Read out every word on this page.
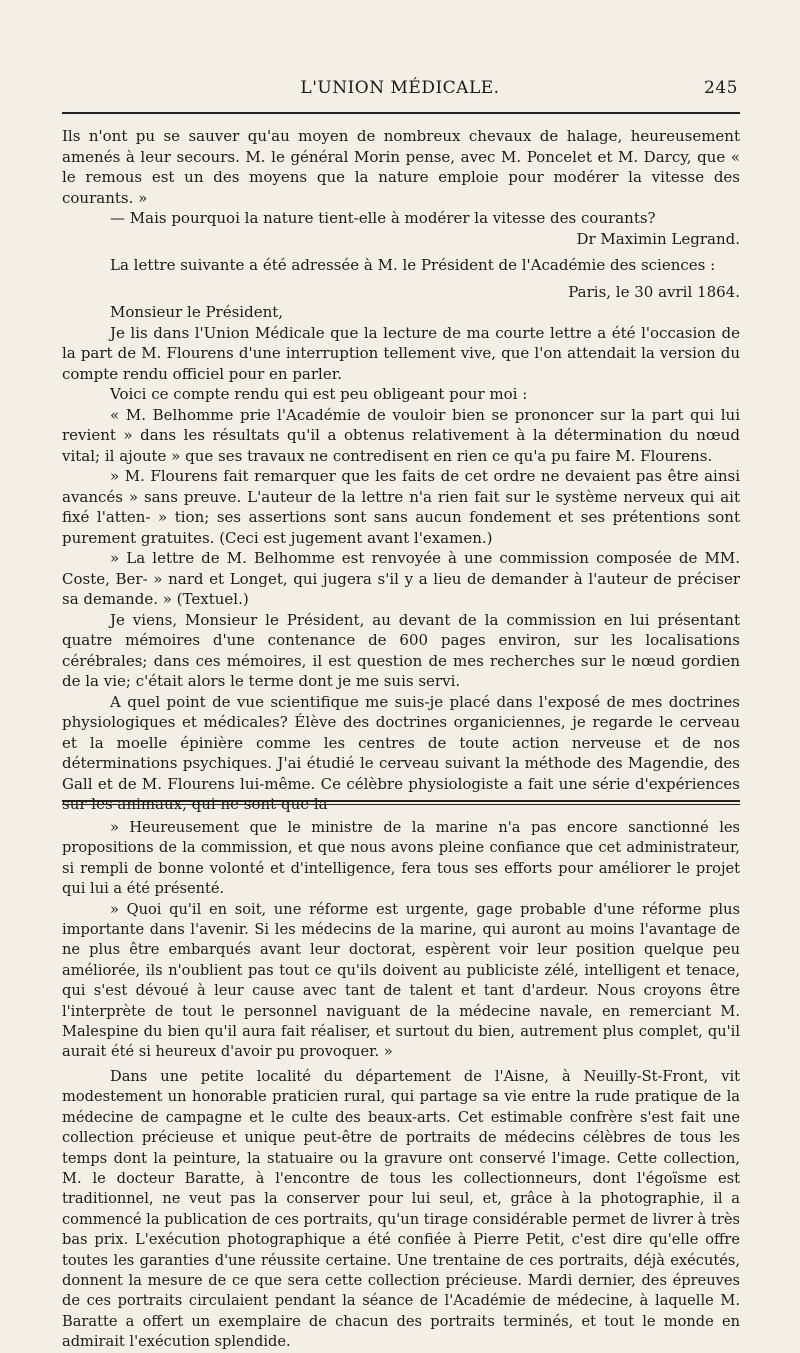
L'UNION MÉDICALE.	245

Ils n'ont pu se sauver qu'au moyen de nombreux chevaux de halage, heureusement amenés à leur secours. M. le général Morin pense, avec M. Poncelet et M. Darcy, que « le remous est un des moyens que la nature emploie pour modérer la vitesse des courants. »

— Mais pourquoi la nature tient-elle à modérer la vitesse des courants?

Dr Maximin Legrand.

La lettre suivante a été adressée à M. le Président de l'Académie des sciences :

Paris, le 30 avril 1864.

Monsieur le Président,

Je lis dans l'Union Médicale que la lecture de ma courte lettre a été l'occasion de la part de M. Flourens d'une interruption tellement vive, que l'on attendait la version du compte rendu officiel pour en parler.

Voici ce compte rendu qui est peu obligeant pour moi :

« M. Belhomme prie l'Académie de vouloir bien se prononcer sur la part qui lui revient » dans les résultats qu'il a obtenus relativement à la détermination du nœud vital; il ajoute » que ses travaux ne contredisent en rien ce qu'a pu faire M. Flourens.

» M. Flourens fait remarquer que les faits de cet ordre ne devaient pas être ainsi avancés » sans preuve. L'auteur de la lettre n'a rien fait sur le système nerveux qui ait fixé l'atten- » tion; ses assertions sont sans aucun fondement et ses prétentions sont purement gratuites. (Ceci est jugement avant l'examen.)

» La lettre de M. Belhomme est renvoyée à une commission composée de MM. Coste, Ber- » nard et Longet, qui jugera s'il y a lieu de demander à l'auteur de préciser sa demande. » (Textuel.)

Je viens, Monsieur le Président, au devant de la commission en lui présentant quatre mémoires d'une contenance de 600 pages environ, sur les localisations cérébrales; dans ces mémoires, il est question de mes recherches sur le nœud gordien de la vie; c'était alors le terme dont je me suis servi.

A quel point de vue scientifique me suis-je placé dans l'exposé de mes doctrines physiologiques et médicales? Élève des doctrines organiciennes, je regarde le cerveau et la moelle épinière comme les centres de toute action nerveuse et de nos déterminations psychiques. J'ai étudié le cerveau suivant la méthode des Magendie, des Gall et de M. Flourens lui-même. Ce célèbre physiologiste a fait une série d'expériences la

» Heureusement que le ministre de la marine n'a pas encore sanctionné les propositions de la commission, et que nous avons pleine confiance que cet administrateur, si rempli de bonne volonté et d'intelligence, fera tous ses efforts pour améliorer le projet qui lui a été présenté.

» Quoi qu'il en soit, une réforme est urgente, gage probable d'une réforme plus importante dans l'avenir. Si les médecins de la marine, qui auront au moins l'avantage de ne plus être embarqués avant leur doctorat, espèrent voir leur position quelque peu améliorée, ils n'oublient pas tout ce qu'ils doivent au publiciste zélé, intelligent et tenace, qui s'est dévoué à leur cause avec tant de talent et tant d'ardeur. Nous croyons être l'interprète de tout le personnel naviguant de la médecine navale, en remerciant M. Malespine du bien qu'il aura fait réaliser, et surtout du bien, autrement plus complet, qu'il aurait été si heureux d'avoir pu provoquer. »

Dans une petite localité du département de l'Aisne, à Neuilly-St-Front, vit modestement un honorable praticien rural, qui partage sa vie entre la rude pratique de la médecine de campagne et le culte des beaux-arts. Cet estimable confrère s'est fait une collection précieuse et unique peut-être de portraits de médecins célèbres de tous les temps dont la peinture, la statuaire ou la gravure ont conservé l'image. Cette collection, M. le docteur Baratte, à l'encontre de tous les collectionneurs, dont l'égoïsme est traditionnel, ne veut pas la conserver pour lui seul, et, grâce à la photographie, il a commencé la publication de ces portraits, qu'un tirage considérable permet de livrer à très bas prix. L'exécution photographique a été confiée à Pierre Petit, c'est dire qu'elle offre toutes les garanties d'une réussite certaine. Une trentaine de ces portraits, déjà exécutés, donnent la mesure de ce que sera cette collection précieuse. Mardi dernier, des épreuves de ces portraits circulaient pendant la séance de l'Académie de médecine, à laquelle M. Baratte a offert un exemplaire de chacun des portraits terminés, et tout le monde en admirait l'exécution splendide.
